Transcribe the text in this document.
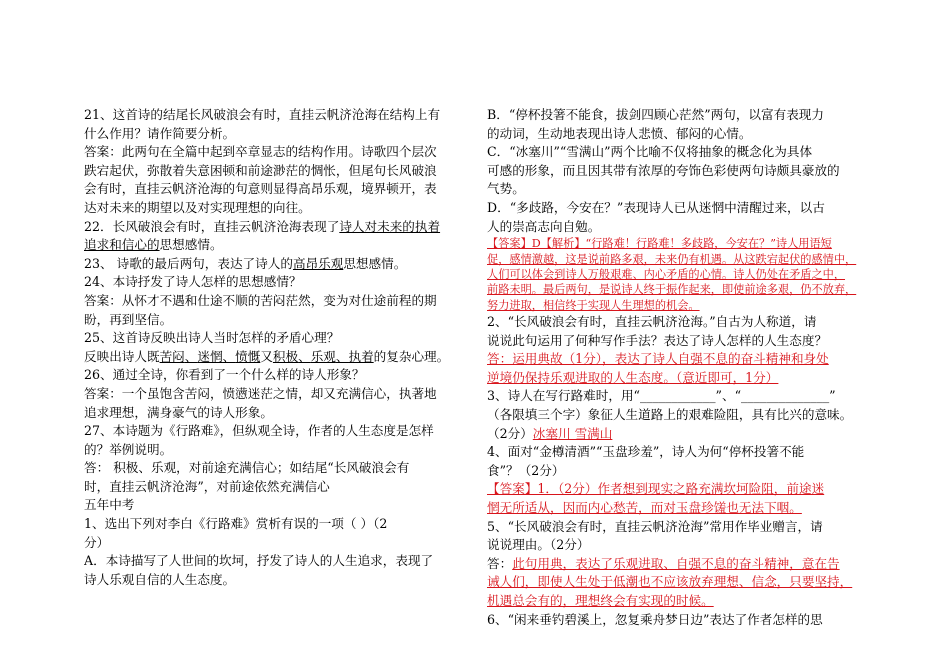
21、这首诗的结尾长风破浪会有时，直挂云帆济沧海在结构上有
什么作用？请作简要分析。
答案：此两句在全篇中起到卒章显志的结构作用。诗歌四个层次
跌宕起伏，弥散着失意困顿和前途渺茫的惆怅，但尾句长风破浪
会有时，直挂云帆济沧海的句意则显得高昂乐观，境界顿开，表
达对未来的期望以及对实现理想的向往。
22．长风破浪会有时，直挂云帆济沧海表现了诗人对未来的执着
追求和信心的思想感情。
23、 诗歌的最后两句，表达了诗人的高昂乐观思想感情。
24、本诗抒发了诗人怎样的思想感情？
答案：从怀才不遇和仕途不顺的苦闷茫然，变为对仕途前程的期
盼，再到坚信。
25、这首诗反映出诗人当时怎样的矛盾心理？
反映出诗人既苦闷、迷惘、愤慨又积极、乐观、执着的复杂心理。
26、通过全诗，你看到了一个什么样的诗人形象？
答案：一个虽饱含苦闷，愤懑迷茫之情，却又充满信心，执著地
追求理想，满身豪气的诗人形象。
27、本诗题为《行路难》，但纵观全诗，作者的人生态度是怎样
的？举例说明。
答： 积极、乐观，对前途充满信心；如结尾“长风破浪会有
时，直挂云帆济沧海”，对前途依然充满信心
五年中考
1、选出下列对李白《行路难》赏析有误的一项（ ）（2
分）
A．本诗描写了人世间的坎坷，抒发了诗人的人生追求，表现了
诗人乐观自信的人生态度。
B．“停杯投箸不能食，拔剑四顾心茫然”两句，以富有表现力
的动词，生动地表现出诗人悲愤、郁闷的心情。
C．“冰塞川”“雪满山”两个比喻不仅将抽象的概念化为具体
可感的形象，而且因其带有浓厚的夸饰色彩使两句诗颇具豪放的
气势。
D．“多歧路，今安在？”表现诗人已从迷惘中清醒过来，以古
人的崇高志向自勉。
【答案】D【解析】“行路难！行路难！多歧路，今安在？”诗人用语短
促，感情激越，这是说前路多艰，未来仍有机遇。从这跌宕起伏的感情中，
人们可以体会到诗人万般艰难、内心矛盾的心情。诗人仍处在矛盾之中，
前路未明。最后两句，是说诗人终于振作起来，即使前途多艰，仍不放弃，
努力进取，相信终于实现人生理想的机会。
2、“长风破浪会有时，直挂云帆济沧海。”自古为人称道，请
说说此句运用了何种写作手法？表达了诗人怎样的人生态度？
答：运用典故（1分），表达了诗人自强不息的奋斗精神和身处
逆境仍保持乐观进取的人生态度。（意近即可，1分）
3、诗人在写行路难时，用“____________”、“______________”
（各限填三个字）象征人生道路上的艰难险阻，具有比兴的意味。
（2分）冰塞川 雪满山
4、面对“金樽清酒”“玉盘珍羞”，诗人为何“停杯投箸不能
食”？（2分）
【答案】1．（2分）作者想到现实之路充满坎坷险阻，前途迷
惘无所适从，因而内心愁苦，而对玉盘珍馐也无法下咽。
5、“长风破浪会有时，直挂云帆济沧海”常用作毕业赠言，请
说说理由。（2分）
答：此句用典，表达了乐观进取、自强不息的奋斗精神，意在告
诫人们，即使人生处于低潮也不应该放弃理想、信念，只要坚持，
机遇总会有的，理想终会有实现的时候。
6、“闲来垂钓碧溪上，忽复乘舟梦日边”表达了作者怎样的思
